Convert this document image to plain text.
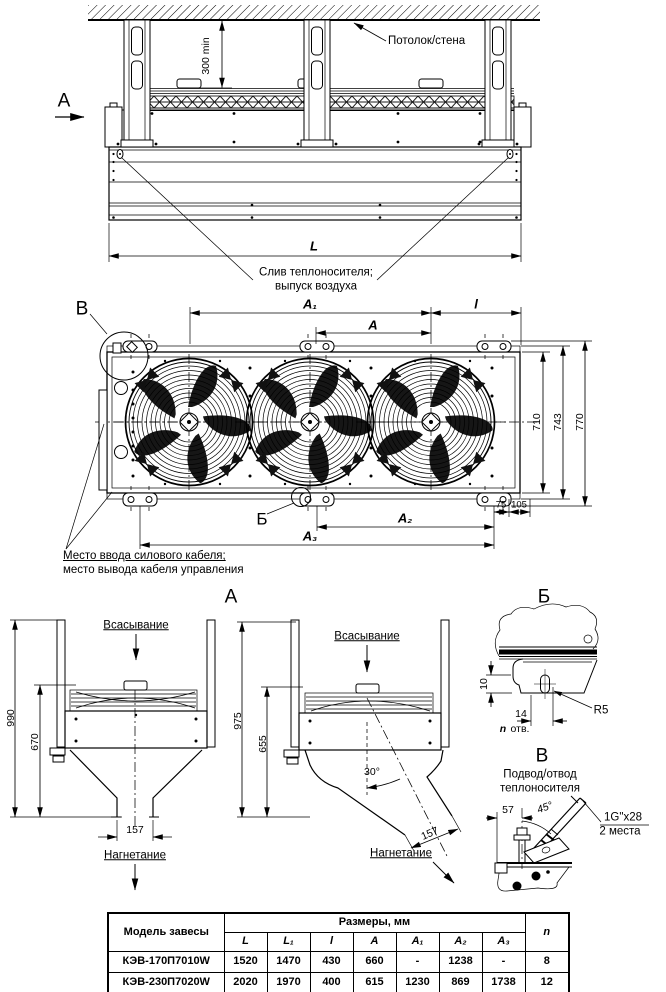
Потолок/стена
300 min
А
L
Слив теплоносителя;
выпуск воздуха
В	A₁
A
l
710 743 770
75 105
A₂
A₃
Б
Место ввода силового кабеля;
место вывода кабеля управления
А
990
670
Всасывание
157
Нагнетание
975
655
Всасывание
30°
157
Нагнетание
Б
10
14
n отв.
R5
В
Подвод/отвод
теплоносителя
57 45°
1G"x28
2 места
Модель завесы	Размеры, мм							n
	L	L₁	l	A	A₁	A₂	A₃	
КЭВ-170П7010W	1520	1470	430	660	-	1238	-	8
КЭВ-230П7020W	2020	1970	400	615	1230	869	1738	12
